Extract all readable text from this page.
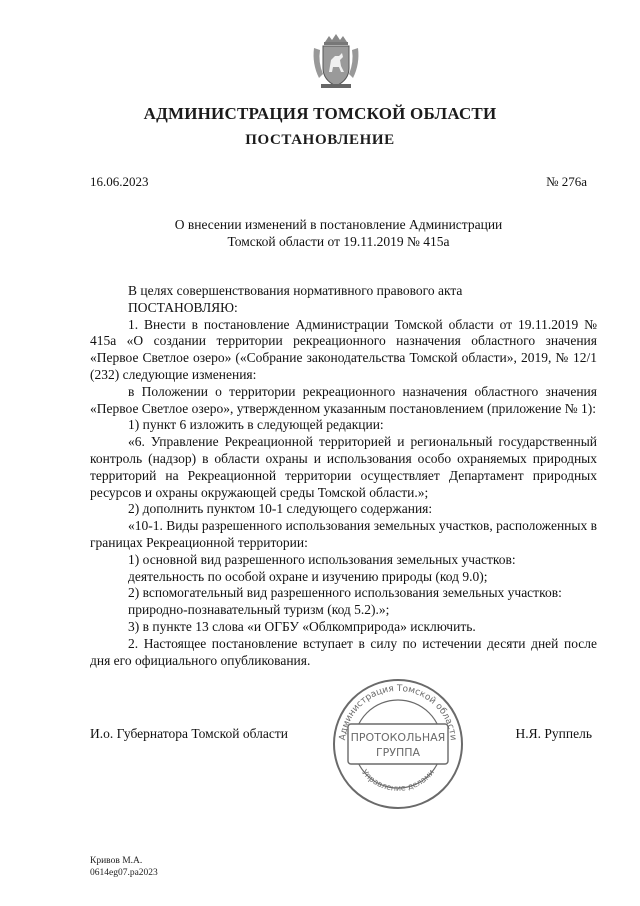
АДМИНИСТРАЦИЯ ТОМСКОЙ ОБЛАСТИ
ПОСТАНОВЛЕНИЕ
16.06.2023	№ 276а
О внесении изменений в постановление Администрации
Томской области от 19.11.2019 № 415а

В целях совершенствования нормативного правового акта

ПОСТАНОВЛЯЮ:

1. Внести в постановление Администрации Томской области от 19.11.2019 № 415а «О создании территории рекреационного назначения областного значения «Первое Светлое озеро» («Собрание законодательства Томской области», 2019, № 12/1 (232) следующие изменения:

в Положении о территории рекреационного назначения областного значения «Первое Светлое озеро», утвержденном указанным постановлением (приложение № 1):

1) пункт 6 изложить в следующей редакции:

«6. Управление Рекреационной территорией и региональный государственный контроль (надзор) в области охраны и использования особо охраняемых природных территорий на Рекреационной территории осуществляет Департамент природных ресурсов и охраны окружающей среды Томской области.»;

2) дополнить пунктом 10-1 следующего содержания:

«10-1. Виды разрешенного использования земельных участков, расположенных в границах Рекреационной территории:

1) основной вид разрешенного использования земельных участков:

деятельность по особой охране и изучению природы (код 9.0);

2) вспомогательный вид разрешенного использования земельных участков:

природно-познавательный туризм (код 5.2).»;

3) в пункте 13 слова «и ОГБУ «Облкомприрода» исключить.

2. Настоящее постановление вступает в силу по истечении десяти дней после дня его официального опубликования.

И.о. Губернатора Томской области	Н.Я. Руппель
Администрация Томской области
Управление делами
ПРОТОКОЛЬНАЯ
ГРУППА
Кривов М.А.
0614eg07.ра2023
